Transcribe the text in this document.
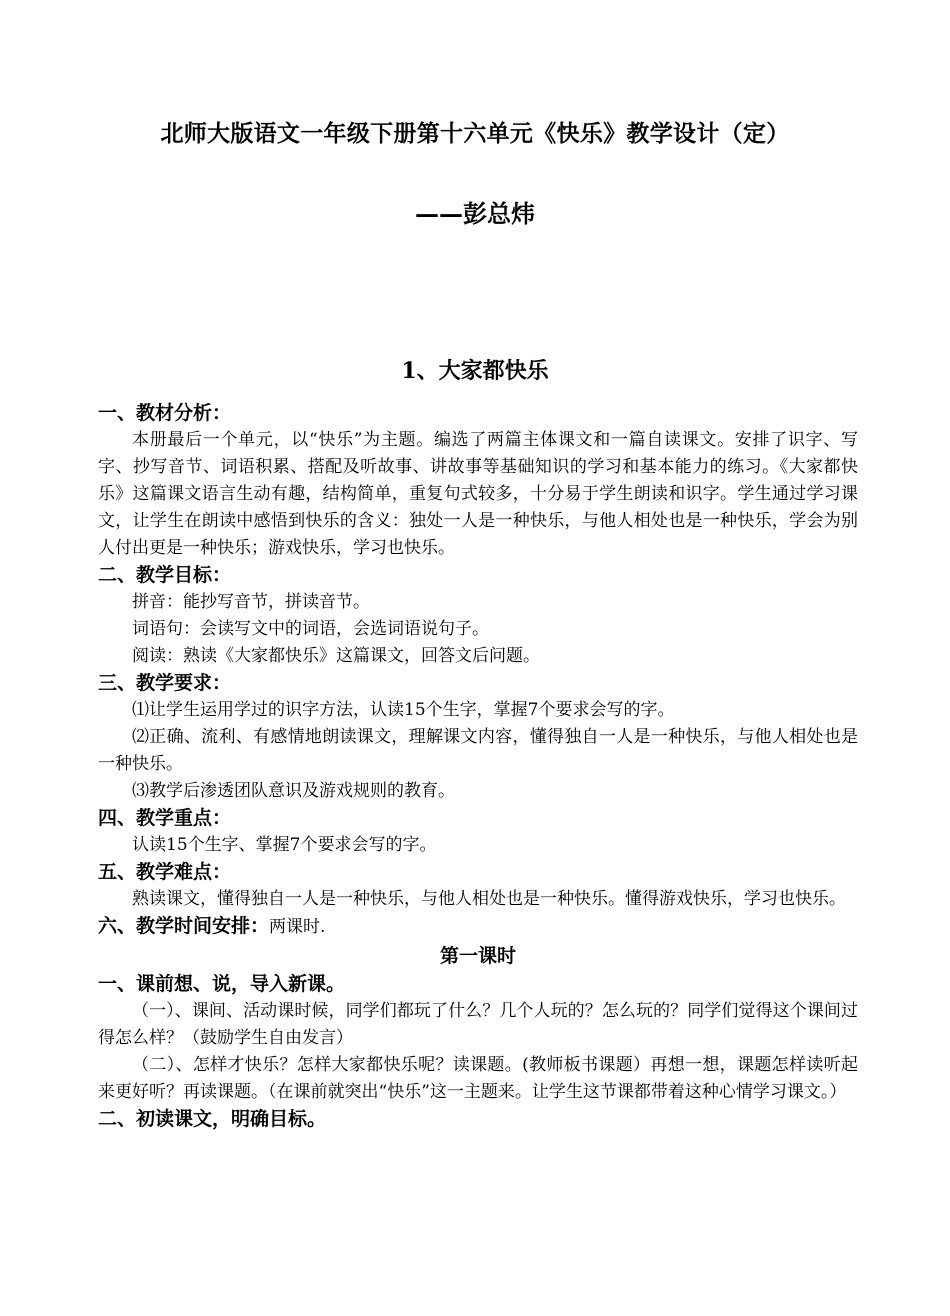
北师大版语文一年级下册第十六单元《快乐》教学设计（定）
——彭总炜
1、大家都快乐
一、教材分析：
本册最后一个单元，以“快乐”为主题。编选了两篇主体课文和一篇自读课文。安排了识字、写字、抄写音节、词语积累、搭配及听故事、讲故事等基础知识的学习和基本能力的练习。《大家都快乐》这篇课文语言生动有趣，结构简单，重复句式较多，十分易于学生朗读和识字。学生通过学习课文，让学生在朗读中感悟到快乐的含义：独处一人是一种快乐，与他人相处也是一种快乐，学会为别人付出更是一种快乐；游戏快乐，学习也快乐。
二、教学目标：
拼音：能抄写音节，拼读音节。
词语句：会读写文中的词语，会选词语说句子。
阅读：熟读《大家都快乐》这篇课文，回答文后问题。
三、教学要求：
⑴让学生运用学过的识字方法，认读15个生字，掌握7个要求会写的字。
⑵正确、流利、有感情地朗读课文，理解课文内容，懂得独自一人是一种快乐，与他人相处也是一种快乐。
⑶教学后渗透团队意识及游戏规则的教育。
四、教学重点：
认读15个生字、掌握7个要求会写的字。
五、教学难点：
熟读课文，懂得独自一人是一种快乐，与他人相处也是一种快乐。懂得游戏快乐，学习也快乐。
六、教学时间安排：两课时.
第一课时
一、课前想、说，导入新课。
（一）、课间、活动课时候，同学们都玩了什么？几个人玩的？怎么玩的？同学们觉得这个课间过得怎么样？（鼓励学生自由发言）
（二）、怎样才快乐？怎样大家都快乐呢？读课题。(教师板书课题）再想一想，课题怎样读听起来更好听？再读课题。（在课前就突出“快乐”这一主题来。让学生这节课都带着这种心情学习课文。）
二、初读课文，明确目标。
